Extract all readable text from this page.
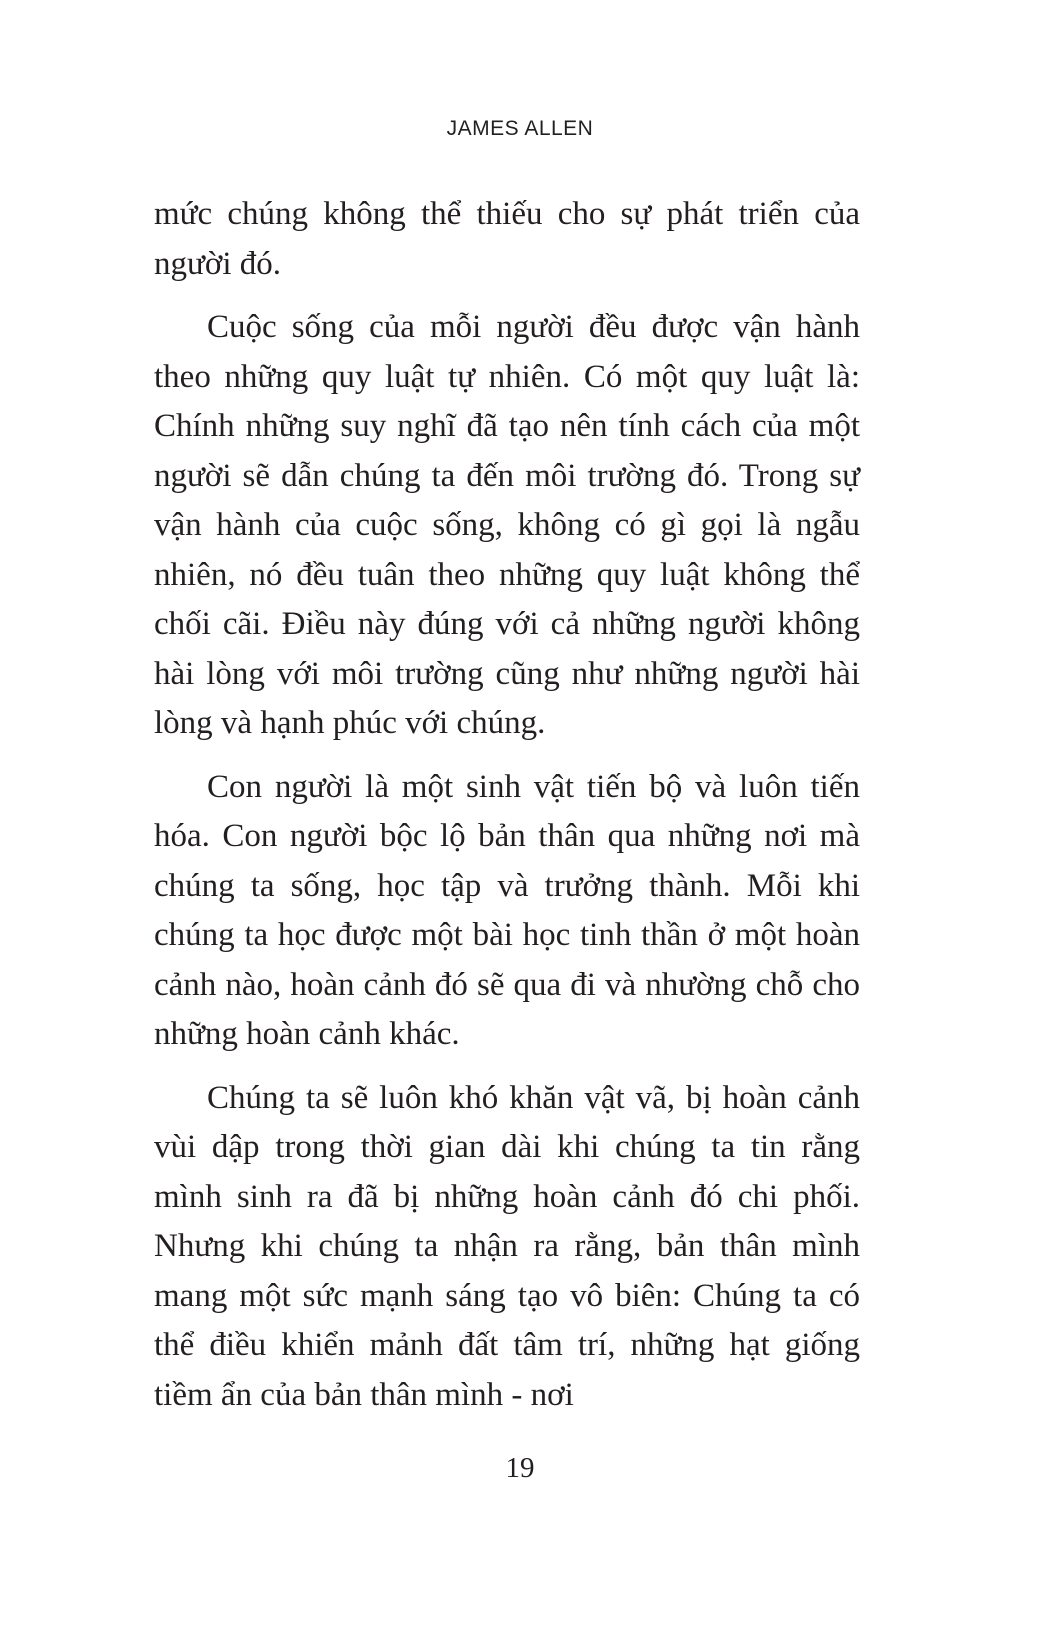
JAMES ALLEN

mức chúng không thể thiếu cho sự phát triển của người đó.

Cuộc sống của mỗi người đều được vận hành theo những quy luật tự nhiên. Có một quy luật là: Chính những suy nghĩ đã tạo nên tính cách của một người sẽ dẫn chúng ta đến môi trường đó. Trong sự vận hành của cuộc sống, không có gì gọi là ngẫu nhiên, nó đều tuân theo những quy luật không thể chối cãi. Điều này đúng với cả những người không hài lòng với môi trường cũng như những người hài lòng và hạnh phúc với chúng.

Con người là một sinh vật tiến bộ và luôn tiến hóa. Con người bộc lộ bản thân qua những nơi mà chúng ta sống, học tập và trưởng thành. Mỗi khi chúng ta học được một bài học tinh thần ở một hoàn cảnh nào, hoàn cảnh đó sẽ qua đi và nhường chỗ cho những hoàn cảnh khác.

Chúng ta sẽ luôn khó khăn vật vã, bị hoàn cảnh vùi dập trong thời gian dài khi chúng ta tin rằng mình sinh ra đã bị những hoàn cảnh đó chi phối. Nhưng khi chúng ta nhận ra rằng, bản thân mình mang một sức mạnh sáng tạo vô biên: Chúng ta có thể điều khiển mảnh đất tâm trí, những hạt giống tiềm ẩn của bản thân mình - nơi

19
